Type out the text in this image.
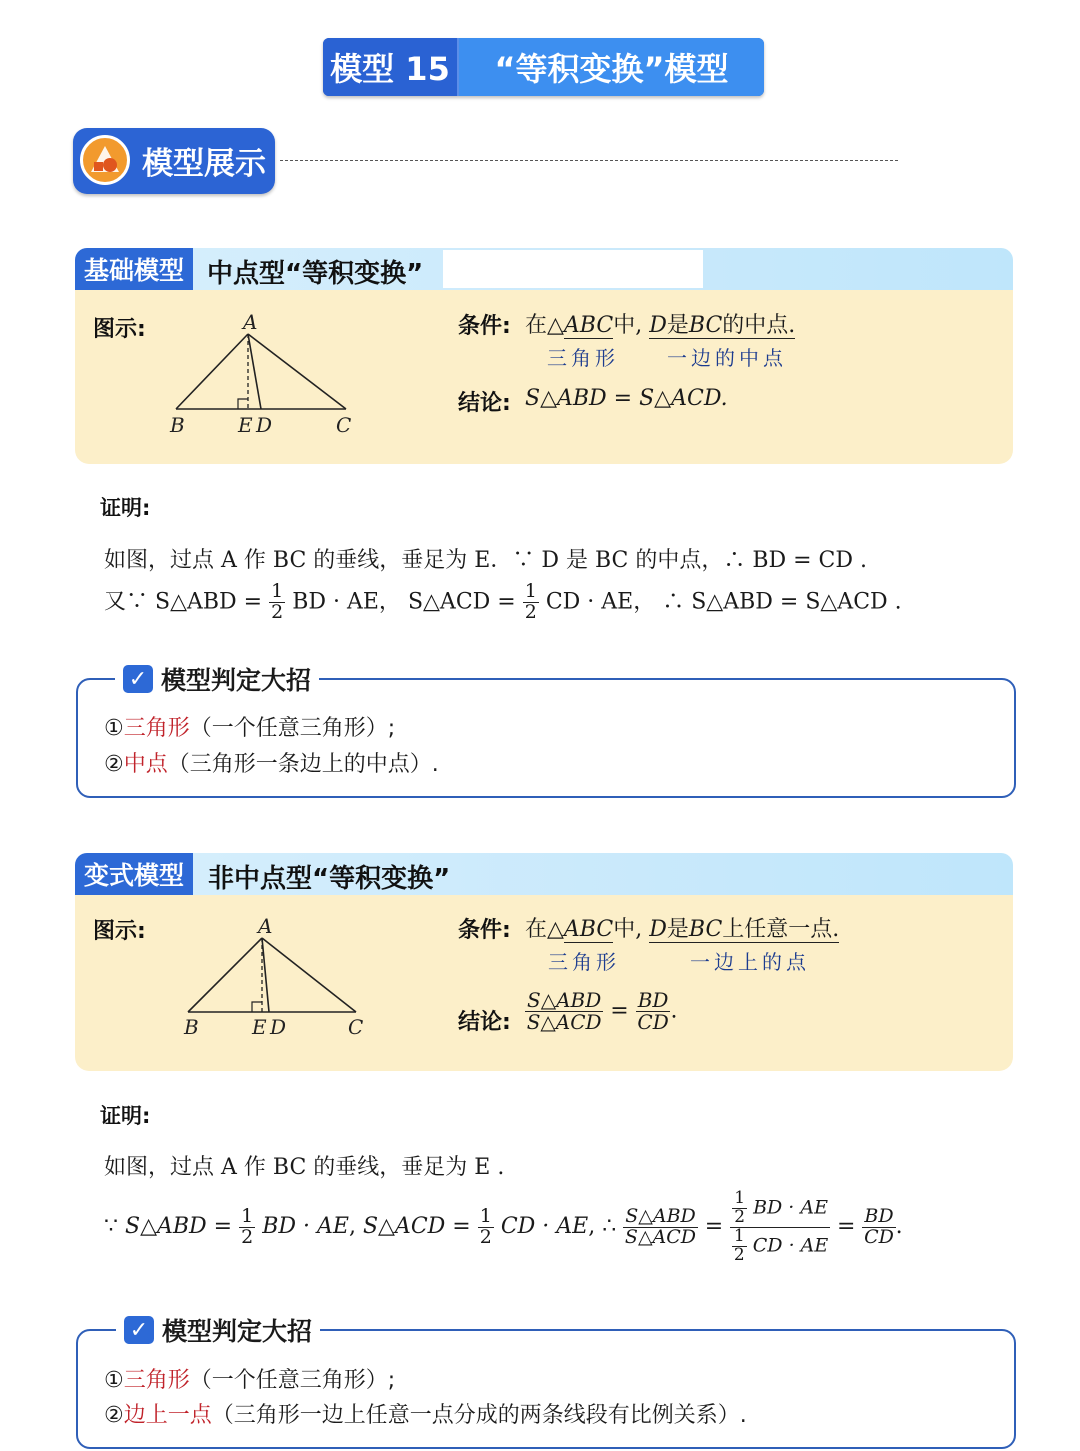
模型 15	“等积变换”模型
模型展示
基础模型 中点型“等积变换”
图示:	A
B	E D	C
条件: 在△ABC中, D是BC的中点.
三角形 一边的中点
结论: S△ABD = S△ACD.
证明:
如图，过点 A 作 BC 的垂线，垂足为 E．∵ D 是 BC 的中点，∴ BD = CD .
又∵ S△ABD = $\frac{1}{2}$ BD · AE， S△ACD = $\frac{1}{2}$ CD · AE， ∴ S△ABD = S△ACD .
✓ 模型判定大招
①三角形（一个任意三角形）;
②中点（三角形一条边上的中点）.
变式模型 非中点型“等积变换”
图示:	A
B	E D	C
条件: 在△ABC中, D是BC上任意一点.
三角形	一边上的点
结论: $\frac{\text{S△ABD}}{\text{S△ACD}} = \frac{BD}{CD}$ .
证明:
如图，过点 A 作 BC 的垂线，垂足为 E .
∵ S△ABD = $\frac{1}{2}$ BD · AE, S△ACD = $\frac{1}{2}$ CD · AE, ∴ $\frac{\text{S△ABD}}{\text{S△ACD}} = \frac{\frac{1}{2} BD \cdot AE}{\frac{1}{2} CD \cdot AE} = \frac{BD}{CD}$ .
✓ 模型判定大招
①三角形（一个任意三角形）;
②边上一点（三角形一边上任意一点分成的两条线段有比例关系）.
